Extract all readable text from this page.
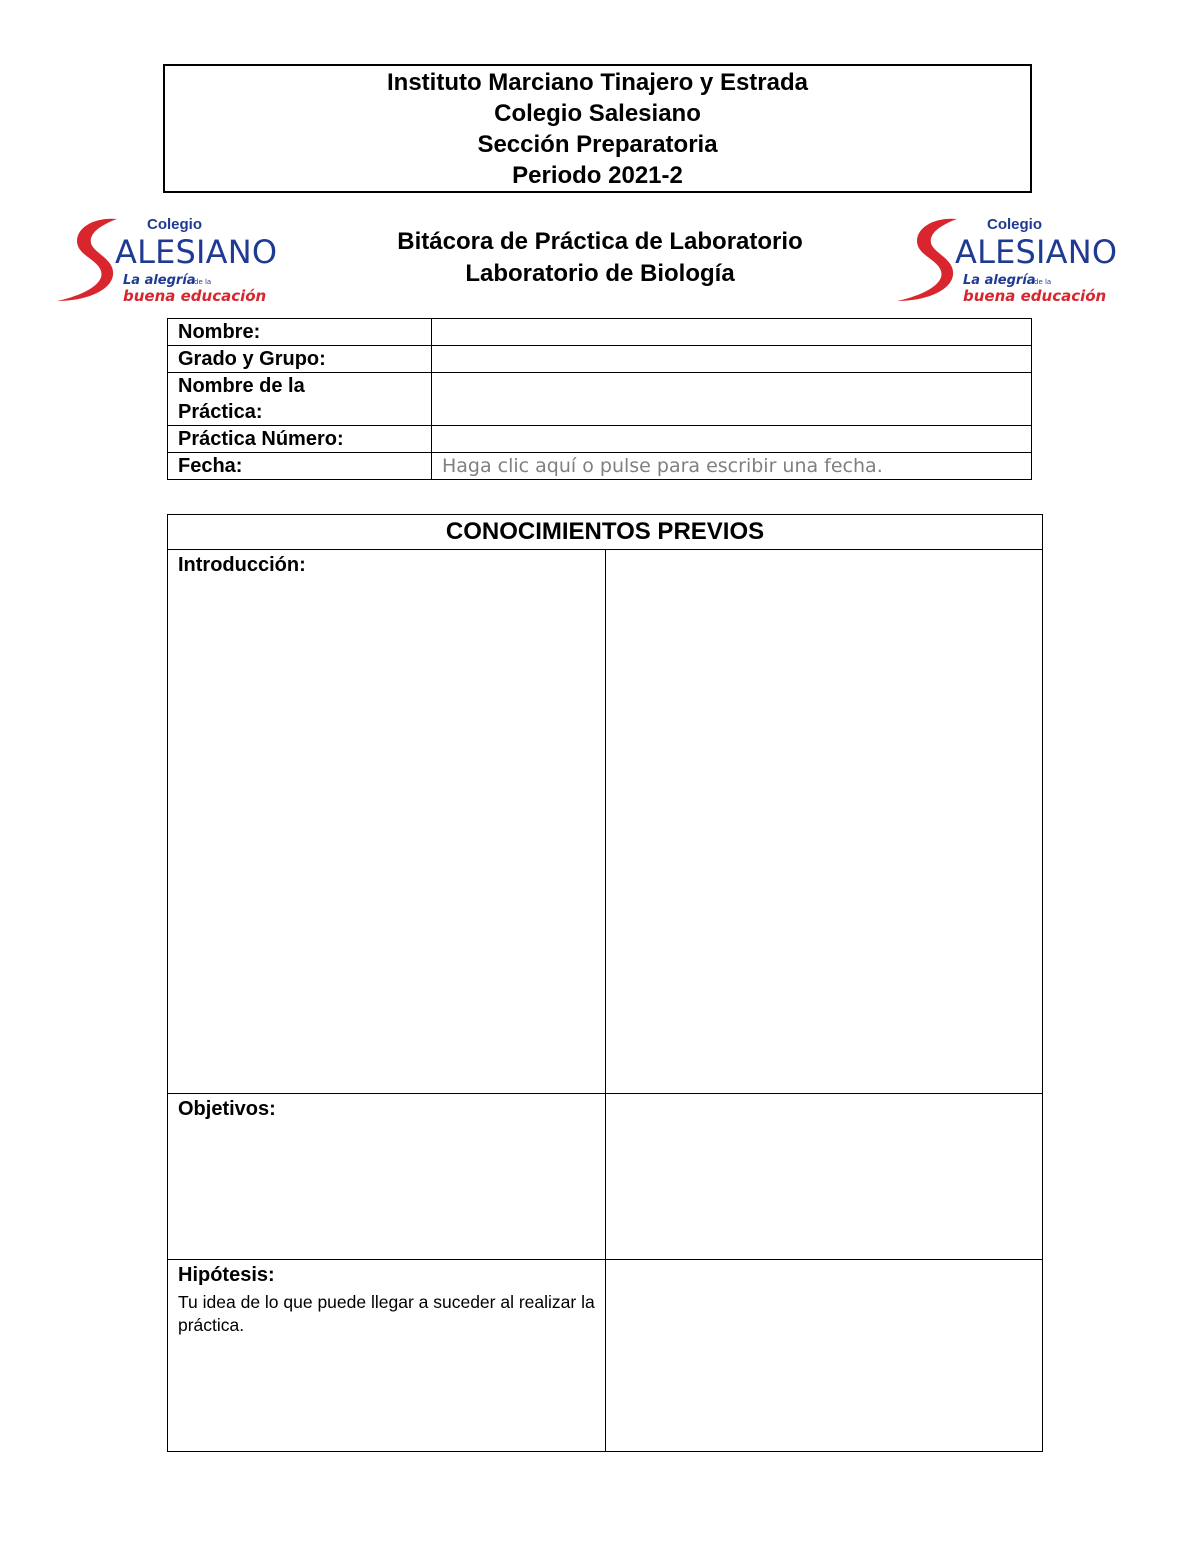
Instituto Marciano Tinajero y Estrada
Colegio Salesiano
Sección Preparatoria
Periodo 2021-2
Colegio
ALESIANO
La alegría
de la
buena educación
Bitácora de Práctica de Laboratorio
Laboratorio de Biología
Colegio
ALESIANO
La alegría
de la
buena educación
Nombre:	
Grado y Grupo:	

Nombre de la
Práctica:	

Práctica Número:	
Fecha:	Haga clic aquí o pulse para escribir una fecha.
CONOCIMIENTOS PREVIOS	

Introducción:	

Objetivos:	

Hipótesis:
Tu idea de lo que puede llegar a suceder al realizar la práctica.	
